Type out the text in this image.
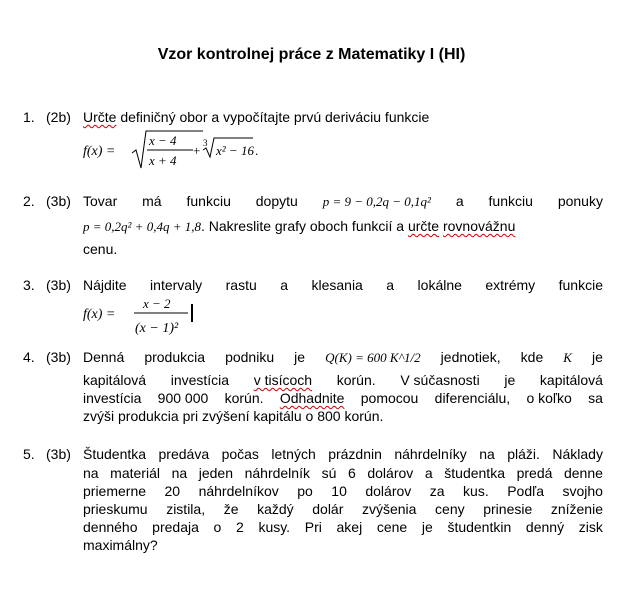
Vzor kontrolnej práce z Matematiky I (HI)
1. (2b) Určte definičný obor a vypočítajte prvú deriváciu funkcie
f(x) =
x − 4
x + 4
+ 3 x² − 16 .
2. (3b) Tovar má funkciu dopytu p = 9 − 0,2q − 0,1q² a funkciu ponuky
p = 0,2q² + 0,4q + 1,8. Nakreslite grafy oboch funkcií a určte rovnovážnu
cenu.
3. (3b) Nájdite intervaly rastu a klesania a lokálne extrémy funkcie
f(x) =
x − 2
(x − 1)²
4. (3b) Denná produkcia podniku je Q(K) = 600 K^1/2 jednotiek, kde K je
kapitálová investícia v tisícoch korún. V súčasnosti je kapitálová
investícia 900 000 korún. Odhadnite pomocou diferenciálu, o koľko sa
zvýši produkcia pri zvýšení kapitálu o 800 korún.
5. (3b) Študentka predáva počas letných prázdnin náhrdelníky na pláži. Náklady
na materiál na jeden náhrdelník sú 6 dolárov a študentka predá denne
priemerne 20 náhrdelníkov po 10 dolárov za kus. Podľa svojho
prieskumu zistila, že každý dolár zvýšenia ceny prinesie zníženie
denného predaja o 2 kusy. Pri akej cene je študentkin denný zisk
maximálny?
